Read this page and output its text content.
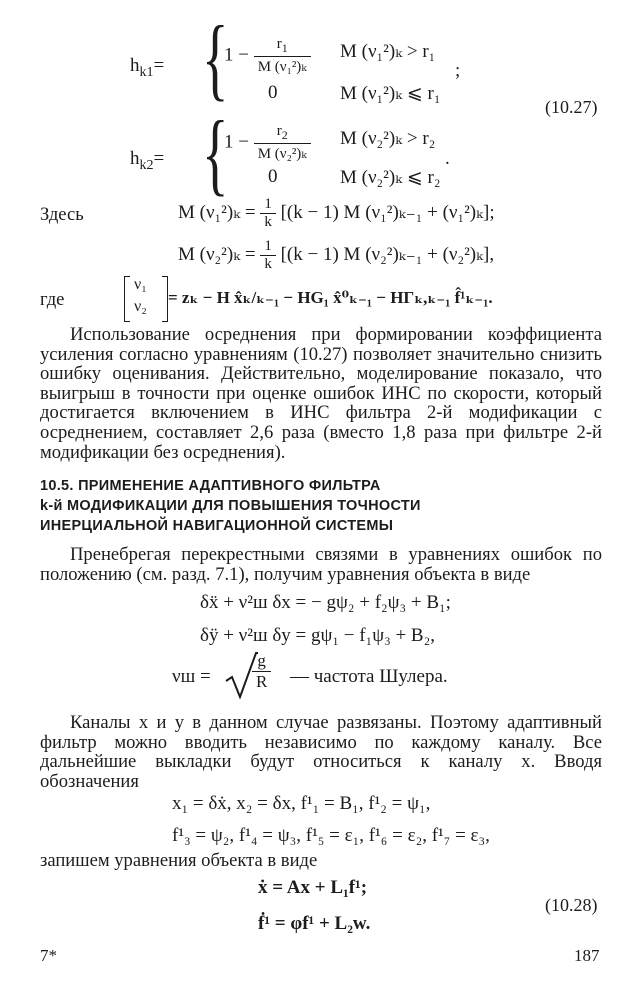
$h_{k1}=$ {
$1 - \frac{r_1}{\text{M (ν₁²)ₖ}}$ M (ν₁²)ₖ > r₁
;
0	M (ν₁²)ₖ ⩽ r₁
(10.27)
$h_{k2}=$ {
$1 - \frac{r_2}{\text{M (ν₂²)ₖ}}$ M (ν₂²)ₖ > r₂
.
0	M (ν₂²)ₖ ⩽ r₂
Здесь	M $(\nu_1^2)_k = \frac{1}{k} [(k - 1)$ M (ν₁²)ₖ₋₁ + (ν₁²)ₖ];
M $(\nu_2^2)_k = \frac{1}{k} [(k - 1)$ M (ν₂²)ₖ₋₁ + (ν₂²)ₖ],
где
ν₁
ν₂ = zₖ − H x̂ₖ/ₖ₋₁ − HG₁ x̂⁰ₖ₋₁ − HΓₖ,ₖ₋₁ f̂¹ₖ₋₁.
Использование осреднения при формировании коэффициента усиления согласно уравнениям (10.27) позволяет значительно снизить ошибку оценивания. Действительно, моделирование показало, что выигрыш в точности при оценке ошибок ИНС по скорости, который достигается включением в ИНС фильтра 2-й модификации с осреднением, составляет 2,6 раза (вместо 1,8 раза при фильтре 2-й модификации без осреднения).
10.5. ПРИМЕНЕНИЕ АДАПТИВНОГО ФИЛЬТРА
k-й МОДИФИКАЦИИ ДЛЯ ПОВЫШЕНИЯ ТОЧНОСТИ
ИНЕРЦИАЛЬНОЙ НАВИГАЦИОННОЙ СИСТЕМЫ
Пренебрегая перекрестными связями в уравнениях ошибок по положению (см. разд. 7.1), получим уравнения объекта в виде
δẍ + ν²ш δx = − gψ₂ + f₂ψ₃ + B₁;
δÿ + ν²ш δy = gψ₁ − f₁ψ₃ + B₂,
$\nu ш = \frac{g}{R}$ — частота Шулера.
Каналы x и y в данном случае развязаны. Поэтому адаптивный фильтр можно вводить независимо по каждому каналу. Все дальнейшие выкладки будут относиться к каналу x. Вводя обозначения
x₁ = δẋ, x₂ = δx, f¹₁ = B₁, f¹₂ = ψ₁,
f¹₃ = ψ₂, f¹₄ = ψ₃, f¹₅ = ε₁, f¹₆ = ε₂, f¹₇ = ε₃,
запишем уравнения объекта в виде
ẋ = Ax + L₁f¹;
(10.28)
ḟ¹ = φf¹ + L₂w.
7*	187
